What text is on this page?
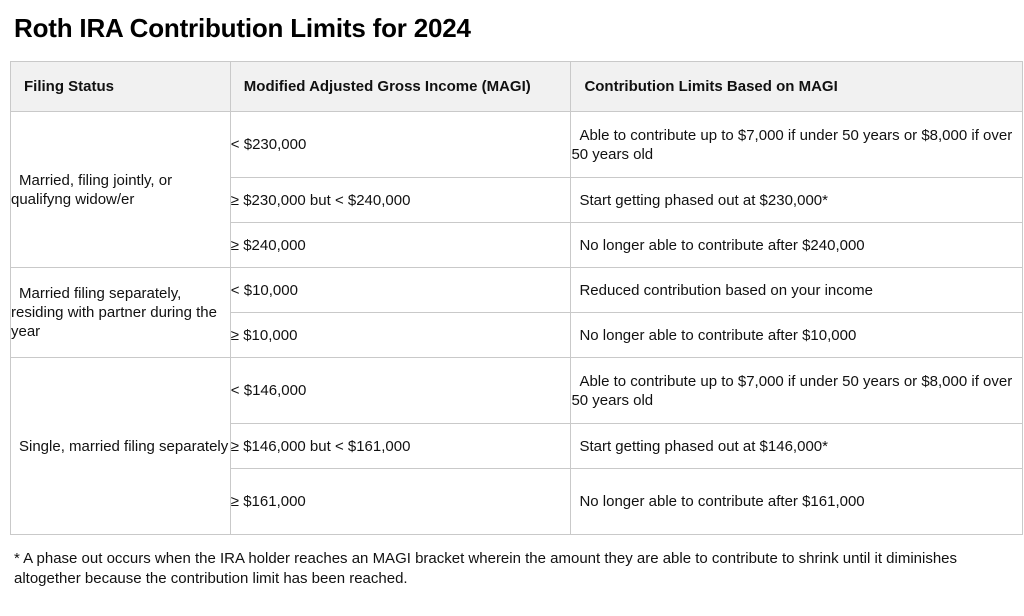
Roth IRA Contribution Limits for 2024
Filing Status	Modified Adjusted Gross Income (MAGI)	Contribution Limits Based on MAGI
Married, filing jointly, or qualifyng widow/er	< $230,000	Able to contribute up to $7,000 if under 50 years or $8,000 if over 50 years old
	≥ $230,000 but < $240,000	Start getting phased out at $230,000*
	≥ $240,000	No longer able to contribute after $240,000
Married filing separately, residing with partner during the year	< $10,000	Reduced contribution based on your income
	≥ $10,000	No longer able to contribute after $10,000
Single, married filing separately	< $146,000	Able to contribute up to $7,000 if under 50 years or $8,000 if over 50 years old
	≥ $146,000 but < $161,000	Start getting phased out at $146,000*
	≥ $161,000	No longer able to contribute after $161,000

* A phase out occurs when the IRA holder reaches an MAGI bracket wherein the amount they are able to contribute to shrink until it diminishes altogether because the contribution limit has been reached.
